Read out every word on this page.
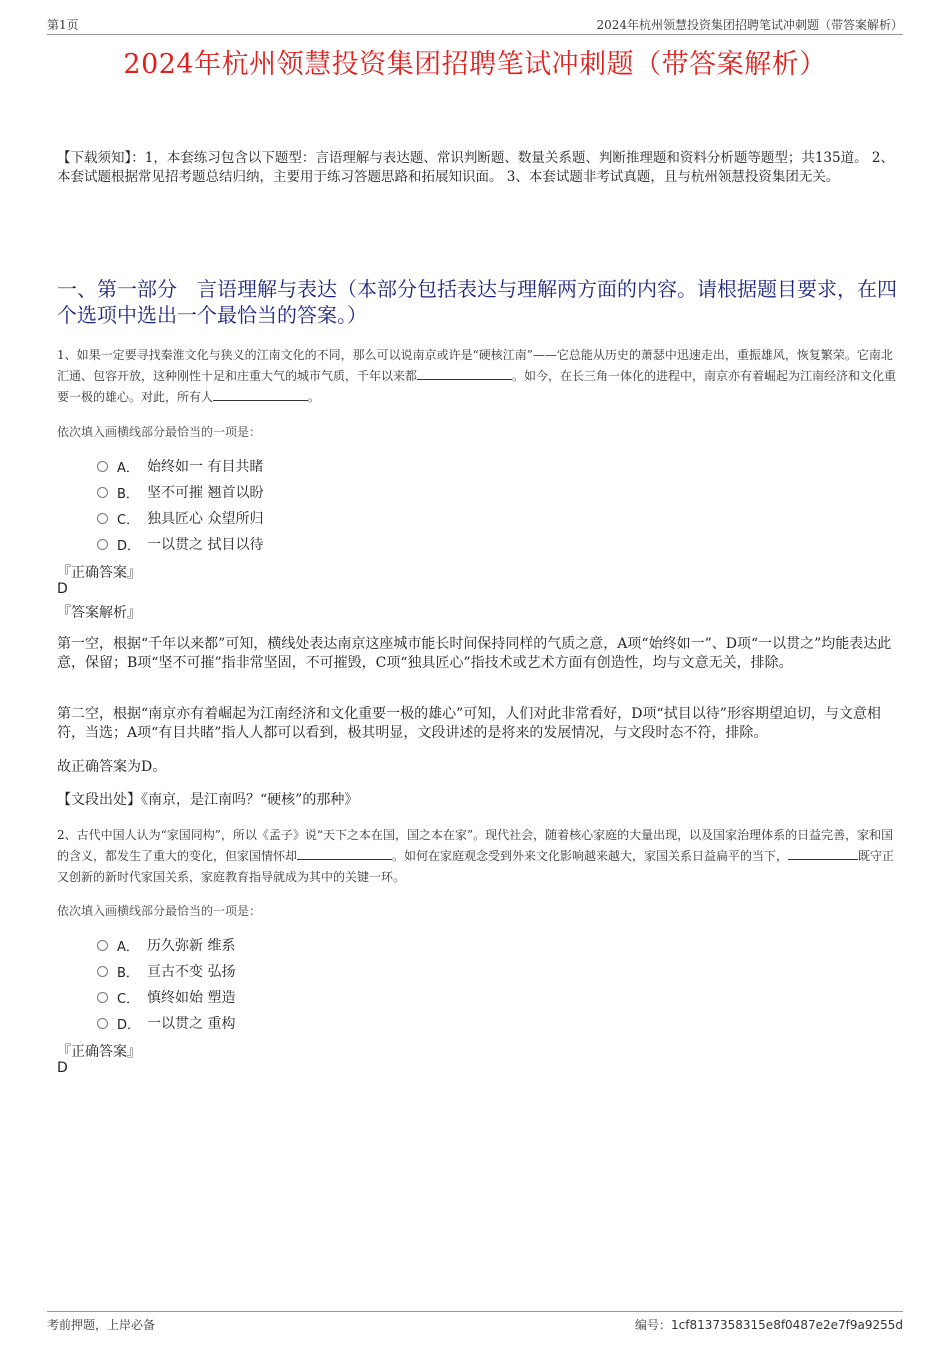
第1页	2024年杭州领慧投资集团招聘笔试冲刺题（带答案解析）
2024年杭州领慧投资集团招聘笔试冲刺题（带答案解析）
【下载须知】：1，本套练习包含以下题型：言语理解与表达题、常识判断题、数量关系题、判断推理题和资料分析题等题型；共135道。 2、本套试题根据常见招考题总结归纳，主要用于练习答题思路和拓展知识面。 3、本套试题非考试真题，且与杭州领慧投资集团无关。
一、第一部分　言语理解与表达（本部分包括表达与理解两方面的内容。请根据题目要求，在四个选项中选出一个最恰当的答案。）
1、如果一定要寻找秦淮文化与狭义的江南文化的不同，那么可以说南京或许是“硬核江南”——它总能从历史的萧瑟中迅速走出，重振雄风，恢复繁荣。它南北汇通、包容开放，这种刚性十足和庄重大气的城市气质，千年以来都	。如今，在长三角一体化的进程中，南京亦有着崛起为江南经济和文化重要一极的雄心。对此，所有人	。
依次填入画横线部分最恰当的一项是：
A． 始终如一 有目共睹
B． 坚不可摧 翘首以盼
C． 独具匠心 众望所归
D． 一以贯之 拭目以待
『正确答案』
D
『答案解析』
第一空，根据“千年以来都”可知，横线处表达南京这座城市能长时间保持同样的气质之意，A项“始终如一”、D项“一以贯之”均能表达此意，保留；B项“坚不可摧”指非常坚固，不可摧毁，C项“独具匠心”指技术或艺术方面有创造性，均与文意无关，排除。
第二空，根据“南京亦有着崛起为江南经济和文化重要一极的雄心”可知，人们对此非常看好，D项“拭目以待”形容期望迫切，与文意相符，当选；A项“有目共睹”指人人都可以看到，极其明显，文段讲述的是将来的发展情况，与文段时态不符，排除。
故正确答案为D。
【文段出处】《南京，是江南吗？“硬核”的那种》
2、古代中国人认为“家国同构”，所以《孟子》说“天下之本在国，国之本在家”。现代社会，随着核心家庭的大量出现，以及国家治理体系的日益完善，家和国的含义，都发生了重大的变化，但家国情怀却	。如何在家庭观念受到外来文化影响越来越大，家国关系日益扁平的当下，	既守正又创新的新时代家国关系，家庭教育指导就成为其中的关键一环。
依次填入画横线部分最恰当的一项是：
A． 历久弥新 维系
B． 亘古不变 弘扬
C． 慎终如始 塑造
D． 一以贯之 重构
『正确答案』
D
考前押题，上岸必备	编号：1cf8137358315e8f0487e2e7f9a9255d
